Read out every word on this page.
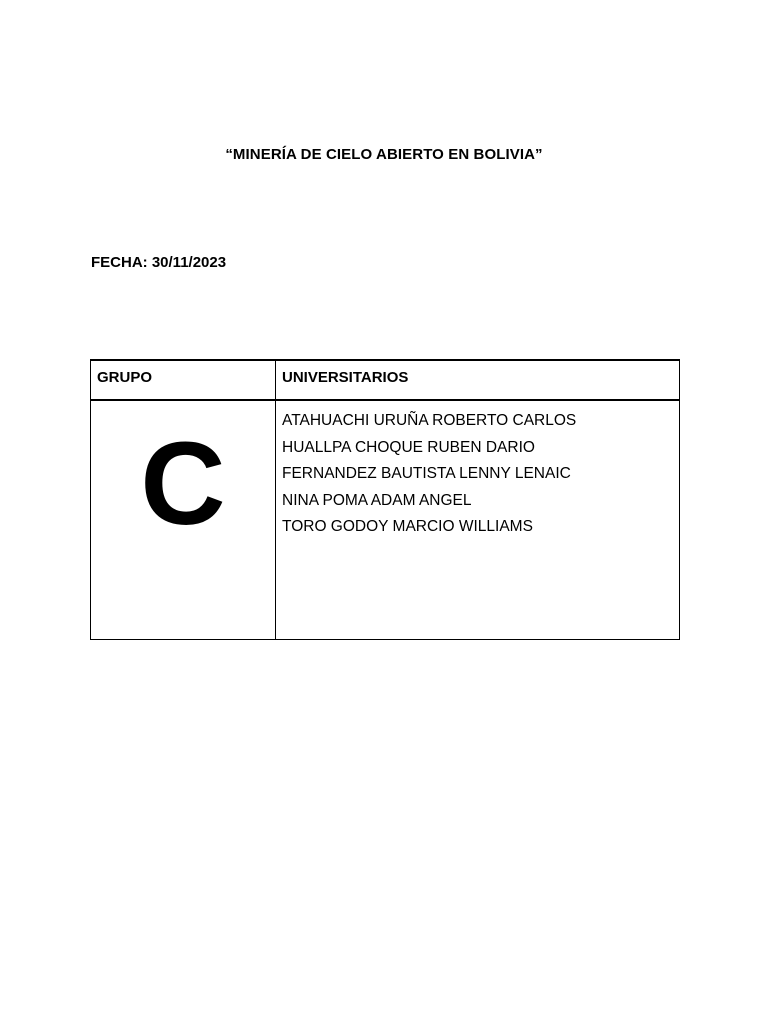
“MINERÍA DE CIELO ABIERTO EN BOLIVIA”
FECHA: 30/11/2023
GRUPO	UNIVERSITARIOS

C	ATAHUACHI URUÑA ROBERTO CARLOS
HUALLPA CHOQUE RUBEN DARIO
FERNANDEZ BAUTISTA LENNY LENAIC
NINA POMA ADAM ANGEL
TORO GODOY MARCIO WILLIAMS
